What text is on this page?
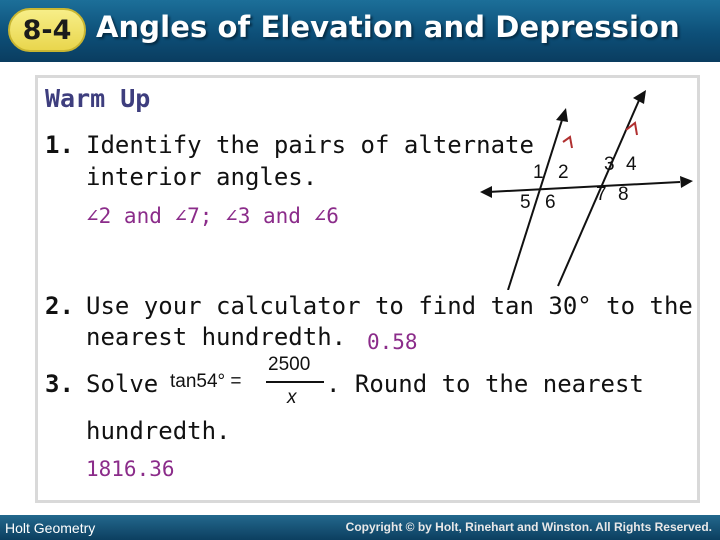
8-4 Angles of Elevation and Depression
Warm Up
1. Identify the pairs of alternate
interior angles.
∠2 and ∠7; ∠3 and ∠6
1 2
5 6
3 4
7 8
2. Use your calculator to find tan 30° to the
nearest hundredth. 0.58
3. Solve tan54° =
2500
x . Round to the nearest
hundredth.
1816.36
Holt Geometry	Copyright © by Holt, Rinehart and Winston. All Rights Reserved.
